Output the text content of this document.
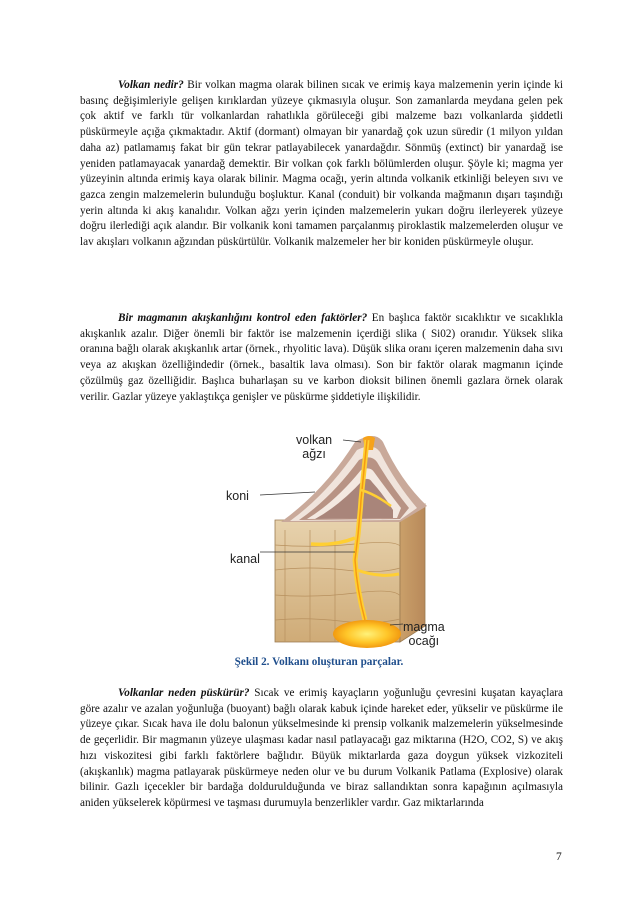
Volkan nedir? Bir volkan magma olarak bilinen sıcak ve erimiş kaya malzemenin yerin içinde ki basınç değişimleriyle gelişen kırıklardan yüzeye çıkmasıyla oluşur. Son zamanlarda meydana gelen pek çok aktif ve farklı tür volkanlardan rahatlıkla görüleceği gibi malzeme bazı volkanlarda şiddetli püskürmeyle açığa çıkmaktadır. Aktif (dormant) olmayan bir yanardağ çok uzun süredir (1 milyon yıldan daha az) patlamamış fakat bir gün tekrar patlayabilecek yanardağdır. Sönmüş (extinct) bir yanardağ ise yeniden patlamayacak yanardağ demektir. Bir volkan çok farklı bölümlerden oluşur. Şöyle ki; magma yer yüzeyinin altında erimiş kaya olarak bilinir. Magma ocağı, yerin altında volkanik etkinliği beleyen sıvı ve gazca zengin malzemelerin bulunduğu boşluktur. Kanal (conduit) bir volkanda mağmanın dışarı taşındığı yerin altında ki akış kanalıdır. Volkan ağzı yerin içinden malzemelerin yukarı doğru ilerleyerek yüzeye doğru ilerlediği açık alandır. Bir volkanik koni tamamen parçalanmış piroklastik malzemelerden oluşur ve lav akışları volkanın ağzından püskürtülür. Volkanik malzemeler her bir koniden püskürmeyle oluşur.
Bir magmanın akışkanlığını kontrol eden faktörler? En başlıca faktör sıcaklıktır ve sıcaklıkla akışkanlık azalır. Diğer önemli bir faktör ise malzemenin içerdiği slika ( Si02) oranıdır. Yüksek slika oranına bağlı olarak akışkanlık artar (örnek., rhyolitic lava). Düşük slika oranı içeren malzemenin daha sıvı veya az akışkan özelliğindedir (örnek., basaltik lava olması). Son bir faktör olarak magmanın içinde çözülmüş gaz özelliğidir. Başlıca buharlaşan su ve karbon dioksit bilinen önemli gazlara örnek olarak verilir. Gazlar yüzeye yaklaştıkça genişler ve püskürme şiddetiyle ilişkilidir.
volkan
ağzı
koni
kanal
magma
ocağı
Şekil 2. Volkanı oluşturan parçalar.
Volkanlar neden püskürür? Sıcak ve erimiş kayaçların yoğunluğu çevresini kuşatan kayaçlara göre azalır ve azalan yoğunluğa (buoyant) bağlı olarak kabuk içinde hareket eder, yükselir ve püskürme ile yüzeye çıkar. Sıcak hava ile dolu balonun yükselmesinde ki prensip volkanik malzemelerin yükselmesinde de geçerlidir. Bir magmanın yüzeye ulaşması kadar nasıl patlayacağı gaz miktarına (H2O, CO2, S) ve akış hızı viskozitesi gibi farklı faktörlere bağlıdır. Büyük miktarlarda gaza doygun yüksek vizkoziteli (akışkanlık) magma patlayarak püskürmeye neden olur ve bu durum Volkanik Patlama (Explosive) olarak bilinir. Gazlı içecekler bir bardağa doldurulduğunda ve biraz sallandıktan sonra kapağının açılmasıyla aniden yükselerek köpürmesi ve taşması durumuyla benzerlikler vardır. Gaz miktarlarında
7
